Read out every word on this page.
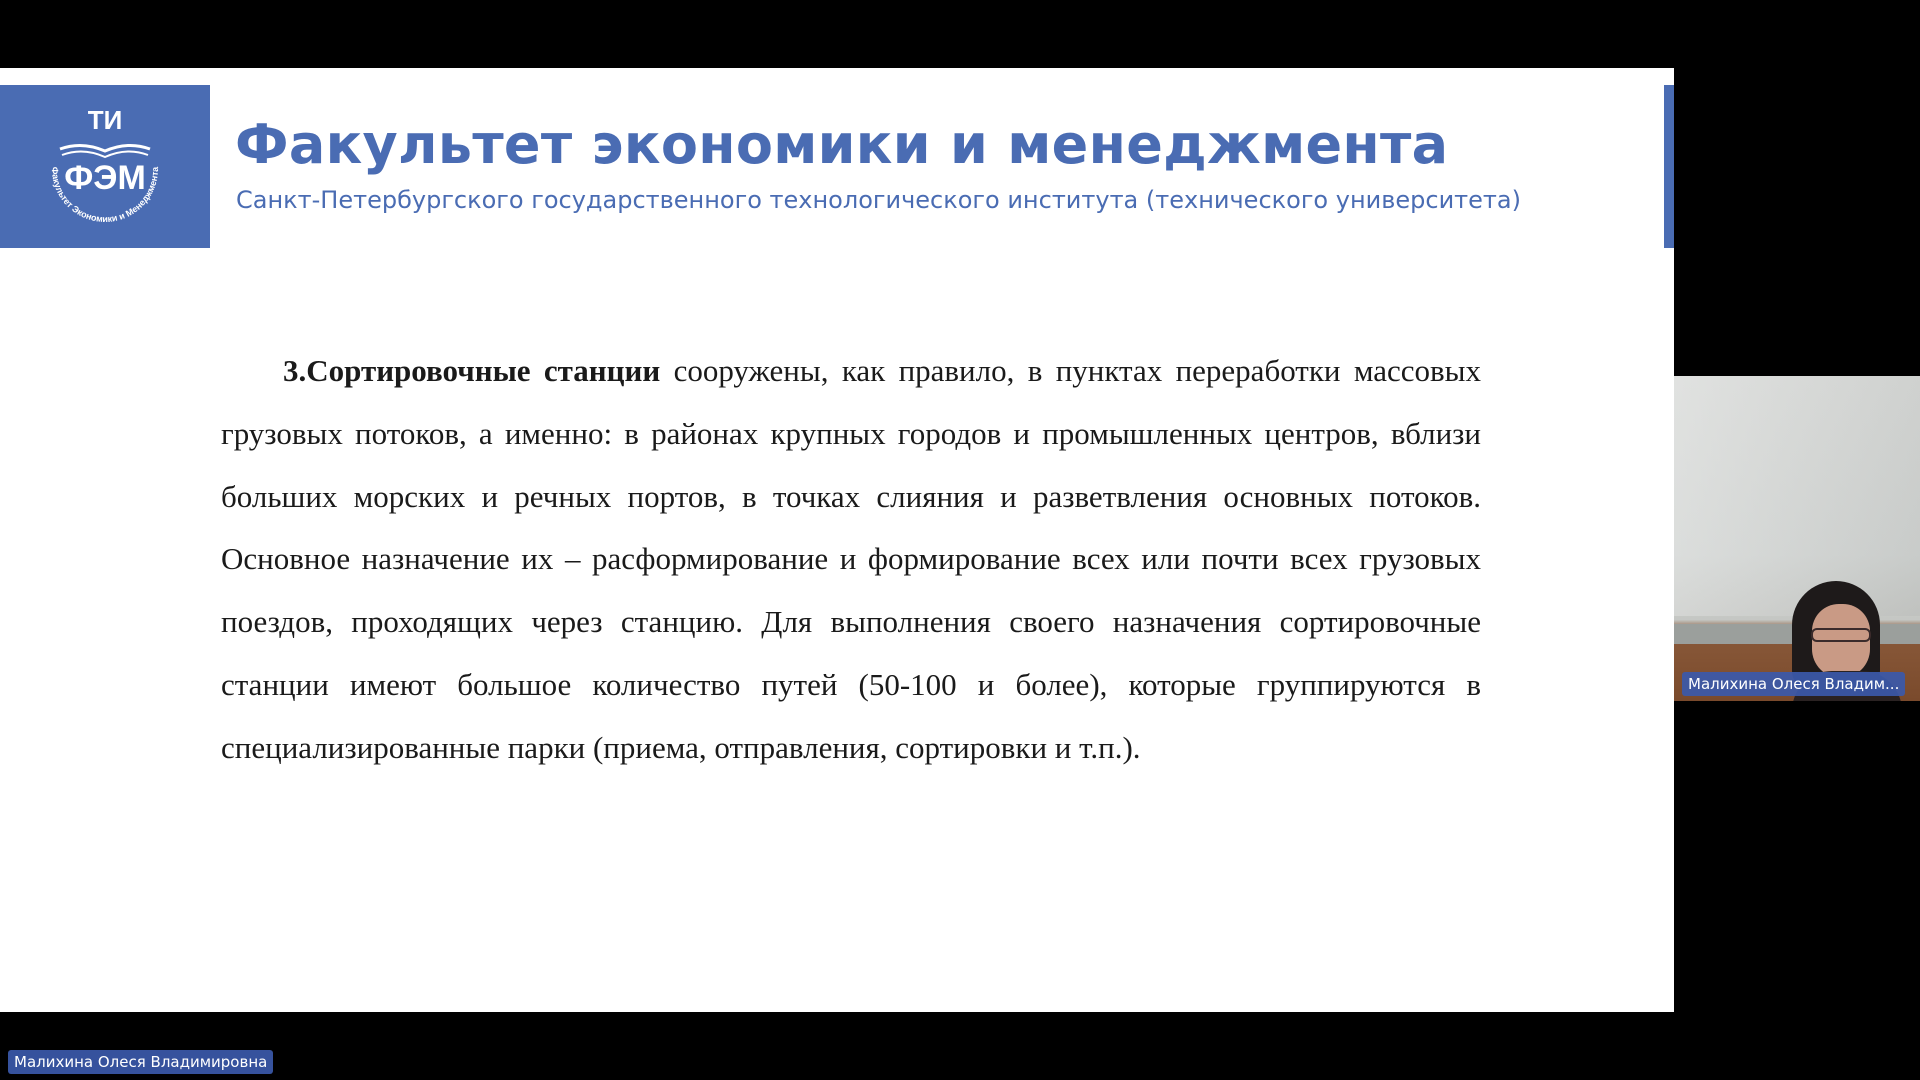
ТИ
ФЭМ
Факультет Экономики и Менеджмента Факультет экономики и менеджмента
Санкт-Петербургского государственного технологического института (технического университета)

3.Сортировочные станции сооружены, как правило, в пунктах переработки массовых грузовых потоков, а именно: в районах крупных городов и промышленных центров, вблизи больших морских и речных портов, в точках слияния и разветвления основных потоков. Основное назначение их – расформирование и формирование всех или почти всех грузовых поездов, проходящих через станцию. Для выполнения своего назначения сортировочные станции имеют большое количество путей (50-100 и более), которые группируются в специализированные парки (приема, отправления, сортировки и т.п.).

Малихина Олеся Владим...
Малихина Олеся Владимировна
